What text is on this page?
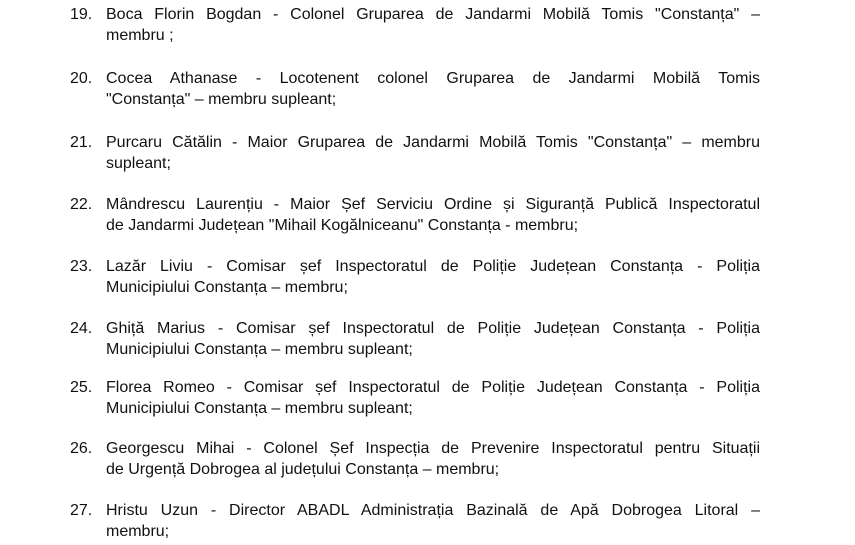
19. Boca Florin Bogdan - Colonel Gruparea de Jandarmi Mobilă Tomis "Constanța" –
membru ;
20. Cocea Athanase - Locotenent colonel Gruparea de Jandarmi Mobilă Tomis
"Constanța" – membru supleant;
21. Purcaru Cătălin - Maior Gruparea de Jandarmi Mobilă Tomis "Constanța" – membru
supleant;
22. Mândrescu Laurențiu - Maior Șef Serviciu Ordine și Siguranță Publică Inspectoratul
de Jandarmi Județean "Mihail Kogălniceanu" Constanța - membru;
23. Lazăr Liviu - Comisar șef Inspectoratul de Poliție Județean Constanța - Poliția
Municipiului Constanța – membru;
24. Ghiță Marius - Comisar șef Inspectoratul de Poliție Județean Constanța - Poliția
Municipiului Constanța – membru supleant;
25. Florea Romeo - Comisar șef Inspectoratul de Poliție Județean Constanța - Poliția
Municipiului Constanța – membru supleant;
26. Georgescu Mihai - Colonel Șef Inspecția de Prevenire Inspectoratul pentru Situații
de Urgență Dobrogea al județului Constanța – membru;
27. Hristu Uzun - Director ABADL Administrația Bazinală de Apă Dobrogea Litoral –
membru;
